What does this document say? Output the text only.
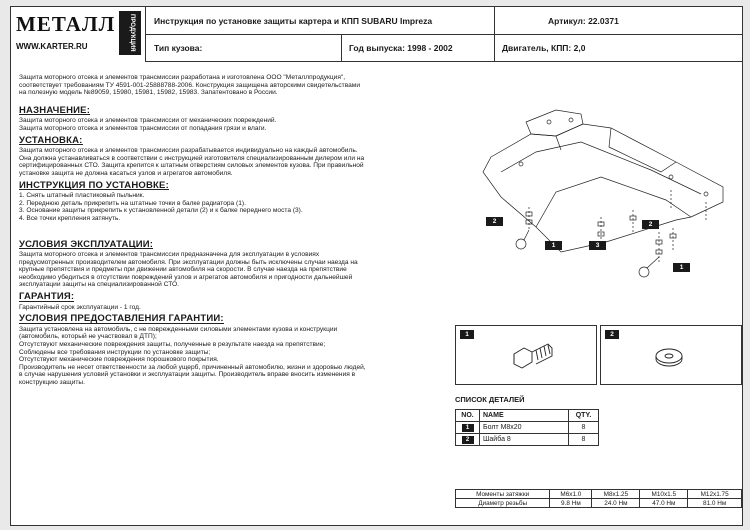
МЕТАЛЛ
WWW.KARTER.RU	ПРОДУКЦИЯ Инструкция по установке защиты картера и КПП SUBARU Impreza	Артикул: 22.0371
Тип кузова:	Год выпуска: 1998 - 2002	Двигатель, КПП: 2,0
Защита моторного отсека и элементов трансмиссии разработана и изготовлена ООО "Металлпродукция",
соответствует требованиям ТУ 4591-001-25888788-2006. Конструкция защищена авторскими свидетельствами
на полезную модель №89059, 15980, 15981, 15982, 15983. Запатентовано в России.
НАЗНАЧЕНИЕ:
Защита моторного отсека и элементов трансмиссии от механических повреждений.
Защита моторного отсека и элементов трансмиссии от попадания грязи и влаги.
УСТАНОВКА:
Защита моторного отсека и элементов трансмиссии разрабатывается индивидуально на каждый автомобиль.
Она должна устанавливаться в соответствии с инструкцией изготовителя специализированным дилером или на
сертифицированных СТО. Защита крепится к штатным отверстиям силовых элементов кузова. При правильной
установке защита не должна касаться узлов и агрегатов автомобиля.
ИНСТРУКЦИЯ ПО УСТАНОВКЕ:
1. Снять штатный пластиковый пыльник.
2. Переднюю деталь прикрепить на штатные точки в балке радиатора (1).
3. Основание защиты прикрепить к установленной детали (2) и к балке переднего моста (3).
4. Все точки крепления затянуть.
УСЛОВИЯ ЭКСПЛУАТАЦИИ:
Защита моторного отсека и элементов трансмиссии предназначена для эксплуатации в условиях
предусмотренных производителем автомобиля. При эксплуатации должны быть исключены случаи наезда на
крупные препятствия и предметы при движении автомобиля на скорости. В случае наезда на препятствие
необходимо убедиться в отсутствии повреждений узлов и агрегатов автомобиля и пригодности дальнейшей
эксплуатации защиты на специализированной СТО.
ГАРАНТИЯ:
Гарантийный срок эксплуатации - 1 год.
УСЛОВИЯ ПРЕДОСТАВЛЕНИЯ ГАРАНТИИ:
Защита установлена на автомобиль, с не поврежденными силовыми элементами кузова и конструкции
(автомобиль, который не участвовал в ДТП);
Отсутствуют механические повреждения защиты, полученные в результате наезда на препятствие;
Соблюдены все требования инструкции по установке защиты;
Отсутствуют механические повреждения порошкового покрытия.
Производитель не несет ответственности за любой ущерб, причиненный автомобилю, жизни и здоровью людей,
в случае нарушения условий установки и эксплуатации защиты. Производитель вправе вносить изменения в
конструкцию защиты.
2
1	3
2
1
1	2
СПИСОК ДЕТАЛЕЙ
NO.	NAME	QTY.
1	Болт М8х20	8
2	Шайба 8	8
Моменты затяжки	М6х1.0	М8х1.25	М10х1.5	М12х1.75
Диаметр резьбы	9.8 Нм	24.0 Нм	47.0 Нм	81.0 Нм
